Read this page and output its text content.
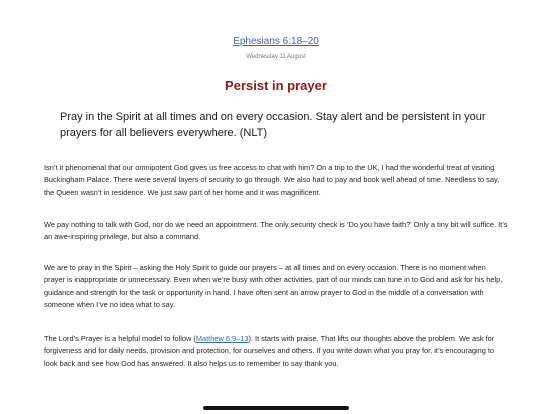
Ephesians 6:18–20
Wednesday 11 August
Persist in prayer
Pray in the Spirit at all times and on every occasion. Stay alert and be persistent in your prayers for all believers everywhere. (NLT)
Isn’t it phenomenal that our omnipotent God gives us free access to chat with him? On a trip to the UK, I had the wonderful treat of visiting Buckingham Palace. There were several layers of security to go through. We also had to pay and book well ahead of time. Needless to say, the Queen wasn’t in residence. We just saw part of her home and it was magnificent.
We pay nothing to talk with God, nor do we need an appointment. The only security check is ‘Do you have faith?’ Only a tiny bit will suffice. It’s an awe-inspiring privilege, but also a command.
We are to pray in the Spirit – asking the Holy Spirit to guide our prayers – at all times and on every occasion. There is no moment when prayer is inappropriate or unnecessary. Even when we’re busy with other activities, part of our minds can tune in to God and ask for his help, guidance and strength for the task or opportunity in hand. I have often sent an arrow prayer to God in the middle of a conversation with someone when I’ve no idea what to say.
The Lord’s Prayer is a helpful model to follow (Matthew 6:9–13). It starts with praise. That lifts our thoughts above the problem. We ask for forgiveness and for daily needs, provision and protection, for ourselves and others. If you write down what you pray for, it’s encouraging to look back and see how God has answered. It also helps us to remember to say thank you.
